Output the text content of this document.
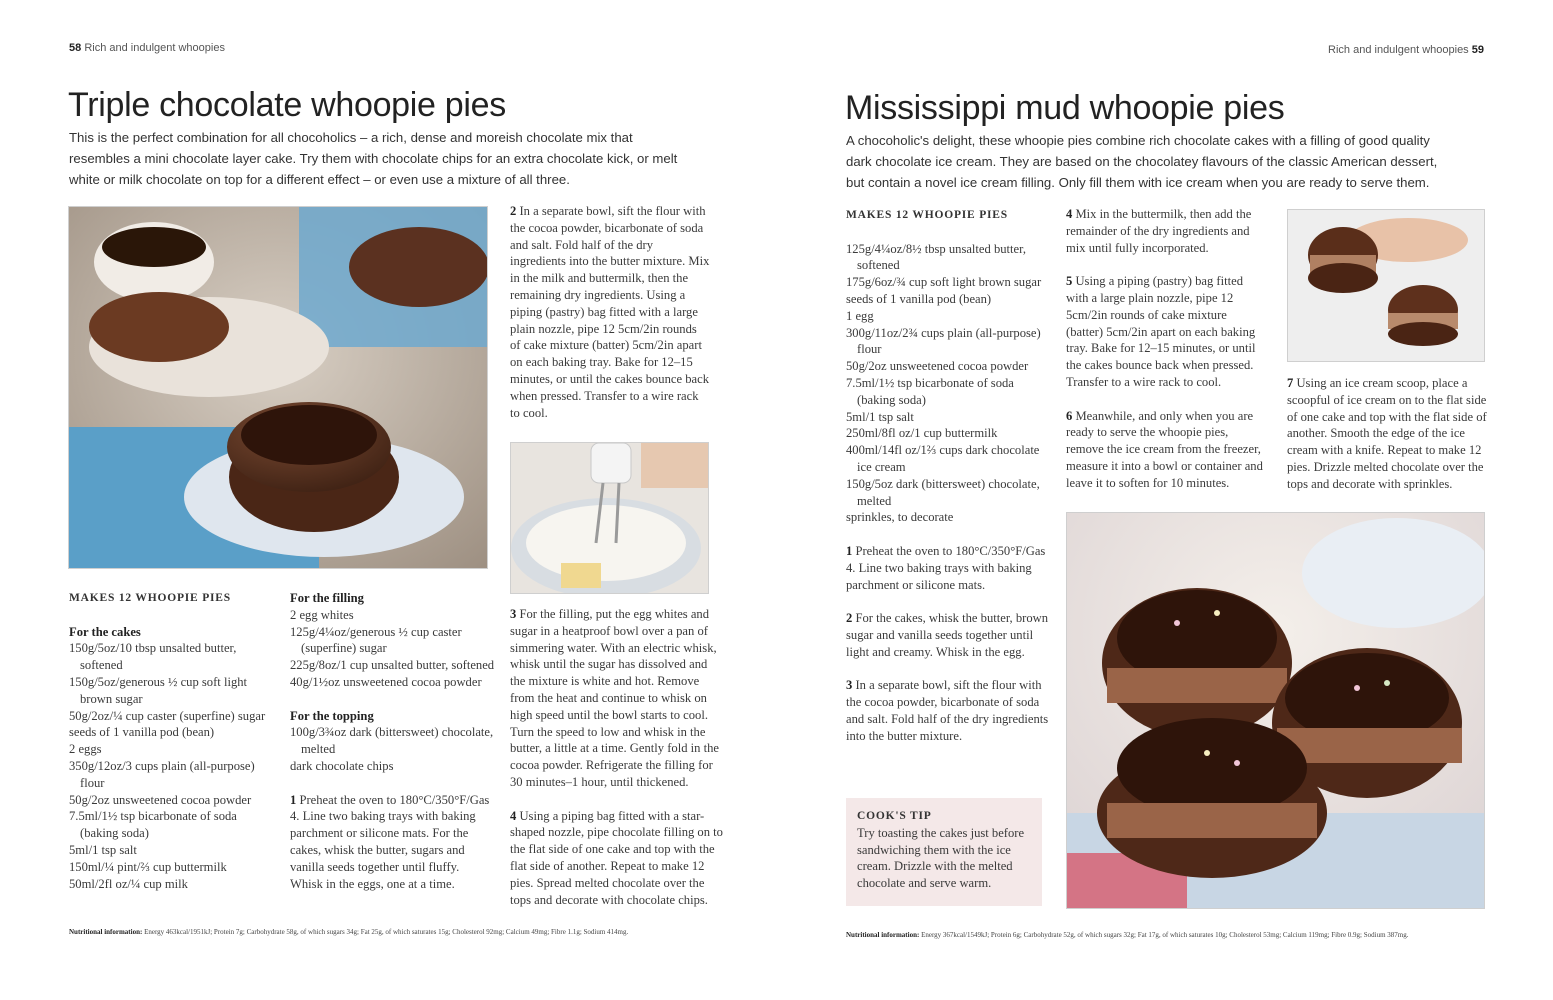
58 Rich and indulgent whoopies
Triple chocolate whoopie pies
This is the perfect combination for all chocoholics – a rich, dense and moreish chocolate mix that resembles a mini chocolate layer cake. Try them with chocolate chips for an extra chocolate kick, or melt white or milk chocolate on top for a different effect – or even use a mixture of all three.
MAKES 12 WHOOPIE PIES
For the cakes
150g/5oz/10 tbsp unsalted butter, softened
150g/5oz/generous ½ cup soft light brown sugar
50g/2oz/¼ cup caster (superfine) sugar
seeds of 1 vanilla pod (bean)
2 eggs
350g/12oz/3 cups plain (all-purpose) flour
50g/2oz unsweetened cocoa powder
7.5ml/1½ tsp bicarbonate of soda (baking soda)
5ml/1 tsp salt
150ml/¼ pint/⅔ cup buttermilk
50ml/2fl oz/¼ cup milk
For the filling
2 egg whites
125g/4¼oz/generous ½ cup caster (superfine) sugar
225g/8oz/1 cup unsalted butter, softened
40g/1½oz unsweetened cocoa powder
For the topping
100g/3¾oz dark (bittersweet) chocolate, melted
dark chocolate chips

1 Preheat the oven to 180°C/350°F/Gas 4. Line two baking trays with baking parchment or silicone mats. For the cakes, whisk the butter, sugars and vanilla seeds together until fluffy. Whisk in the eggs, one at a time.

2 In a separate bowl, sift the flour with the cocoa powder, bicarbonate of soda and salt. Fold half of the dry ingredients into the butter mixture. Mix in the milk and buttermilk, then the remaining dry ingredients. Using a piping (pastry) bag fitted with a large plain nozzle, pipe 12 5cm/2in rounds of cake mixture (batter) 5cm/2in apart on each baking tray. Bake for 12–15 minutes, or until the cakes bounce back when pressed. Transfer to a wire rack to cool.

3 For the filling, put the egg whites and sugar in a heatproof bowl over a pan of simmering water. With an electric whisk, whisk until the sugar has dissolved and the mixture is white and hot. Remove from the heat and continue to whisk on high speed until the bowl starts to cool. Turn the speed to low and whisk in the butter, a little at a time. Gently fold in the cocoa powder. Refrigerate the filling for 30 minutes–1 hour, until thickened.

4 Using a piping bag fitted with a star-shaped nozzle, pipe chocolate filling on to the flat side of one cake and top with the flat side of another. Repeat to make 12 pies. Spread melted chocolate over the tops and decorate with chocolate chips.

Nutritional information: Energy 463kcal/1951kJ; Protein 7g; Carbohydrate 58g, of which sugars 34g; Fat 25g, of which saturates 15g; Cholesterol 92mg; Calcium 49mg; Fibre 1.1g; Sodium 414mg.
Rich and indulgent whoopies 59
Mississippi mud whoopie pies
A chocoholic's delight, these whoopie pies combine rich chocolate cakes with a filling of good quality dark chocolate ice cream. They are based on the chocolatey flavours of the classic American dessert, but contain a novel ice cream filling. Only fill them with ice cream when you are ready to serve them.
MAKES 12 WHOOPIE PIES
125g/4¼oz/8½ tbsp unsalted butter, softened
175g/6oz/¾ cup soft light brown sugar
seeds of 1 vanilla pod (bean)
1 egg
300g/11oz/2¾ cups plain (all-purpose) flour
50g/2oz unsweetened cocoa powder
7.5ml/1½ tsp bicarbonate of soda (baking soda)
5ml/1 tsp salt
250ml/8fl oz/1 cup buttermilk
400ml/14fl oz/1⅔ cups dark chocolate ice cream
150g/5oz dark (bittersweet) chocolate, melted
sprinkles, to decorate

1 Preheat the oven to 180°C/350°F/Gas 4. Line two baking trays with baking parchment or silicone mats.

2 For the cakes, whisk the butter, brown sugar and vanilla seeds together until light and creamy. Whisk in the egg.

3 In a separate bowl, sift the flour with the cocoa powder, bicarbonate of soda and salt. Fold half of the dry ingredients into the butter mixture.

COOK'S TIP
Try toasting the cakes just before sandwiching them with the ice cream. Drizzle with the melted chocolate and serve warm.

4 Mix in the buttermilk, then add the remainder of the dry ingredients and mix until fully incorporated.

5 Using a piping (pastry) bag fitted with a large plain nozzle, pipe 12 5cm/2in rounds of cake mixture (batter) 5cm/2in apart on each baking tray. Bake for 12–15 minutes, or until the cakes bounce back when pressed. Transfer to a wire rack to cool.

6 Meanwhile, and only when you are ready to serve the whoopie pies, remove the ice cream from the freezer, measure it into a bowl or container and leave it to soften for 10 minutes.

7 Using an ice cream scoop, place a scoopful of ice cream on to the flat side of one cake and top with the flat side of another. Smooth the edge of the ice cream with a knife. Repeat to make 12 pies. Drizzle melted chocolate over the tops and decorate with sprinkles.

Nutritional information: Energy 367kcal/1549kJ; Protein 6g; Carbohydrate 52g, of which sugars 32g; Fat 17g, of which saturates 10g; Cholesterol 53mg; Calcium 119mg; Fibre 0.9g; Sodium 387mg.
